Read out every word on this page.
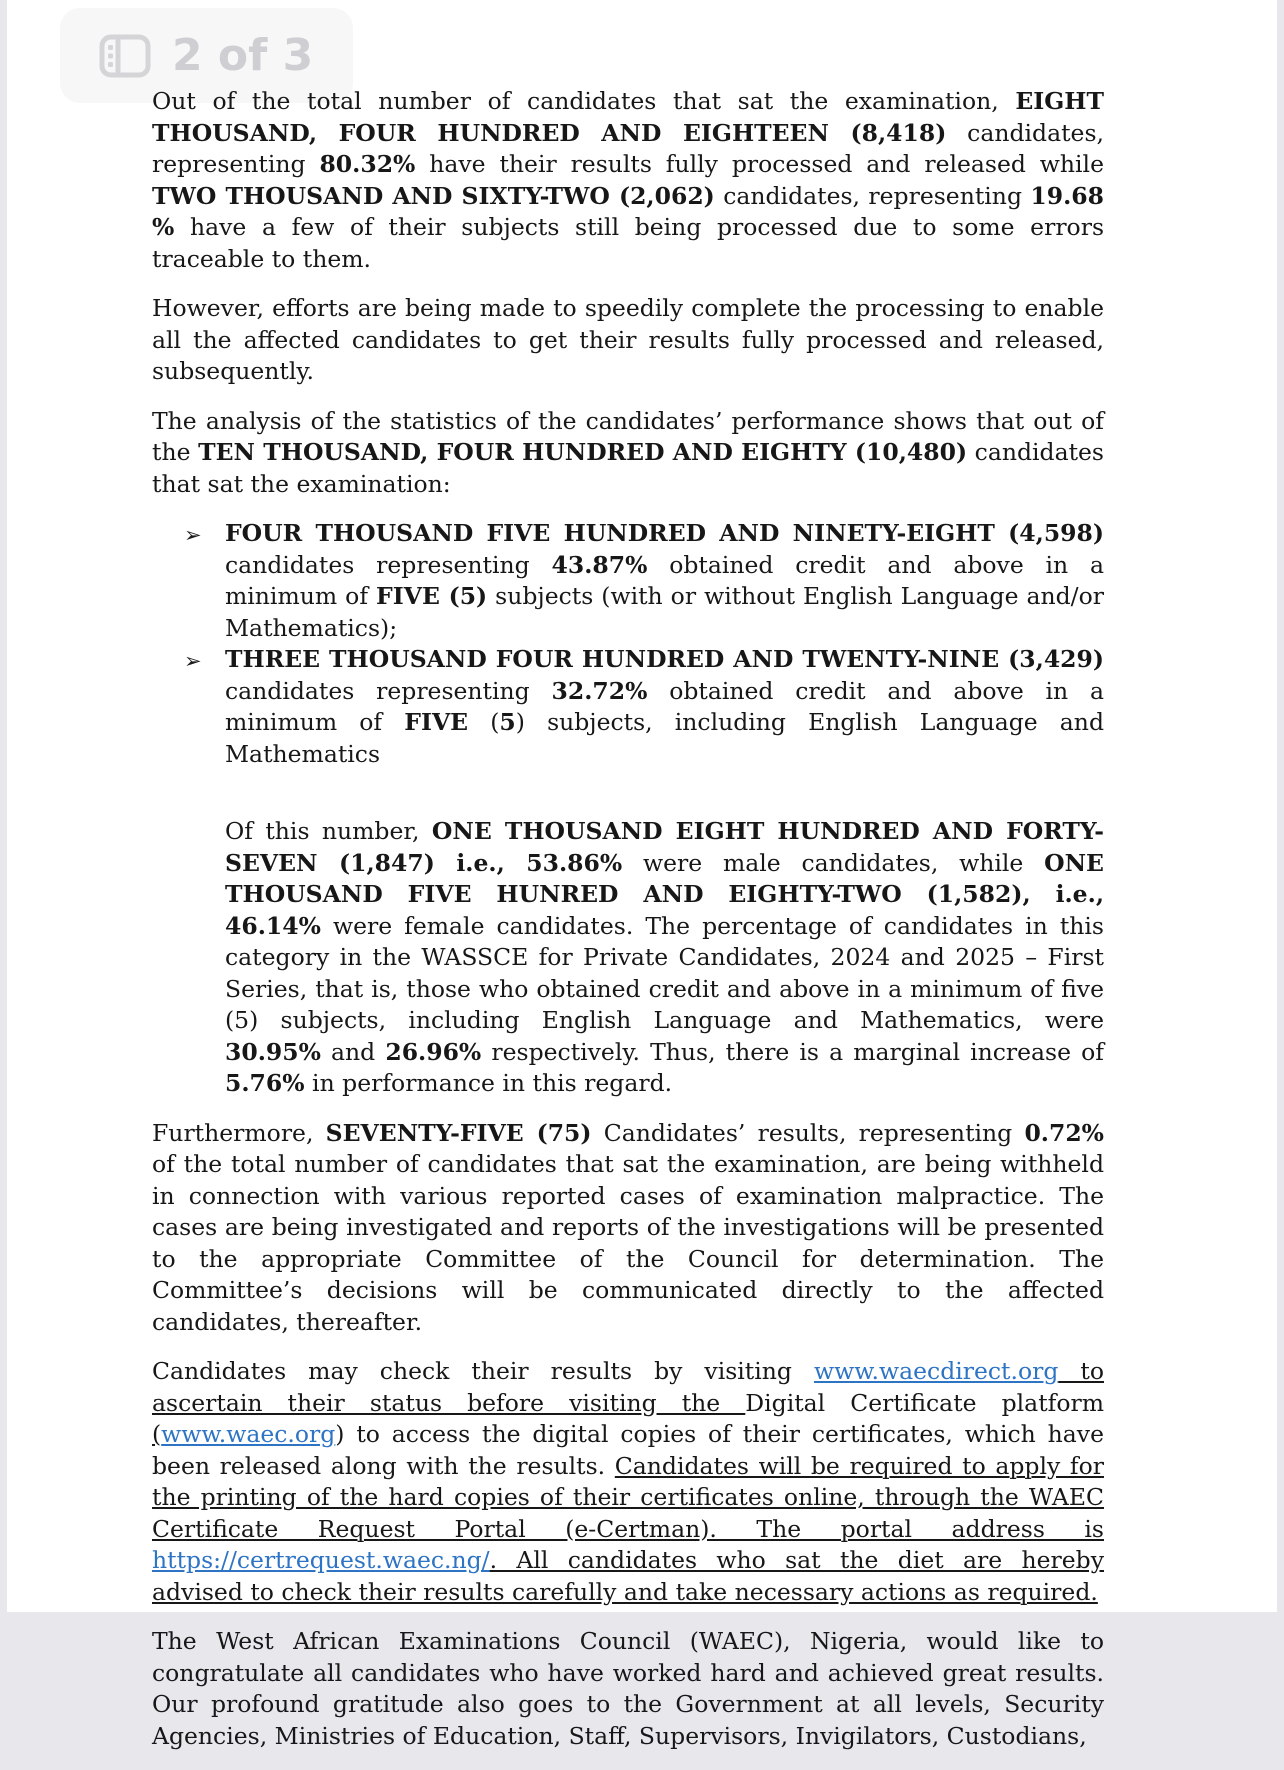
2 of 3

Out of the total number of candidates that sat the examination, EIGHT THOUSAND, FOUR HUNDRED AND EIGHTEEN (8,418) candidates, representing 80.32% have their results fully processed and released while TWO THOUSAND AND SIXTY-TWO (2,062) candidates, representing 19.68 % have a few of their subjects still being processed due to some errors traceable to them.

However, efforts are being made to speedily complete the processing to enable all the affected candidates to get their results fully processed and released, subsequently.

The analysis of the statistics of the candidates’ performance shows that out of the TEN THOUSAND, FOUR HUNDRED AND EIGHTY (10,480) candidates that sat the examination:

➢ FOUR THOUSAND FIVE HUNDRED AND NINETY-EIGHT (4,598) candidates representing 43.87% obtained credit and above in a minimum of FIVE (5) subjects (with or without English Language and/or Mathematics);
➢ THREE THOUSAND FOUR HUNDRED AND TWENTY-NINE (3,429) candidates representing 32.72% obtained credit and above in a minimum of FIVE (5) subjects, including English Language and Mathematics

Of this number, ONE THOUSAND EIGHT HUNDRED AND FORTY-SEVEN (1,847) i.e., 53.86% were male candidates, while ONE THOUSAND FIVE HUNRED AND EIGHTY-TWO (1,582), i.e., 46.14% were female candidates. The percentage of candidates in this category in the WASSCE for Private Candidates, 2024 and 2025 – First Series, that is, those who obtained credit and above in a minimum of five (5) subjects, including English Language and Mathematics, were 30.95% and 26.96% respectively. Thus, there is a marginal increase of 5.76% in performance in this regard.

Furthermore, SEVENTY-FIVE (75) Candidates’ results, representing 0.72% of the total number of candidates that sat the examination, are being withheld in connection with various reported cases of examination malpractice. The cases are being investigated and reports of the investigations will be presented to the appropriate Committee of the Council for determination. The Committee’s decisions will be communicated directly to the affected candidates, thereafter.

Candidates may check their results by visiting www.waecdirect.org to ascertain their status before visiting the Digital Certificate platform (www.waec.org) to access the digital copies of their certificates, which have been released along with the results. Candidates will be required to apply for the printing of the hard copies of their certificates online, through the WAEC Certificate Request Portal (e-Certman). The portal address is https://certrequest.waec.ng/. All candidates who sat the diet are hereby advised to check their results carefully and take necessary actions as required.

The West African Examinations Council (WAEC), Nigeria, would like to congratulate all candidates who have worked hard and achieved great results. Our profound gratitude also goes to the Government at all levels, Security Agencies, Ministries of Education, Staff, Supervisors, Invigilators, Custodians,
